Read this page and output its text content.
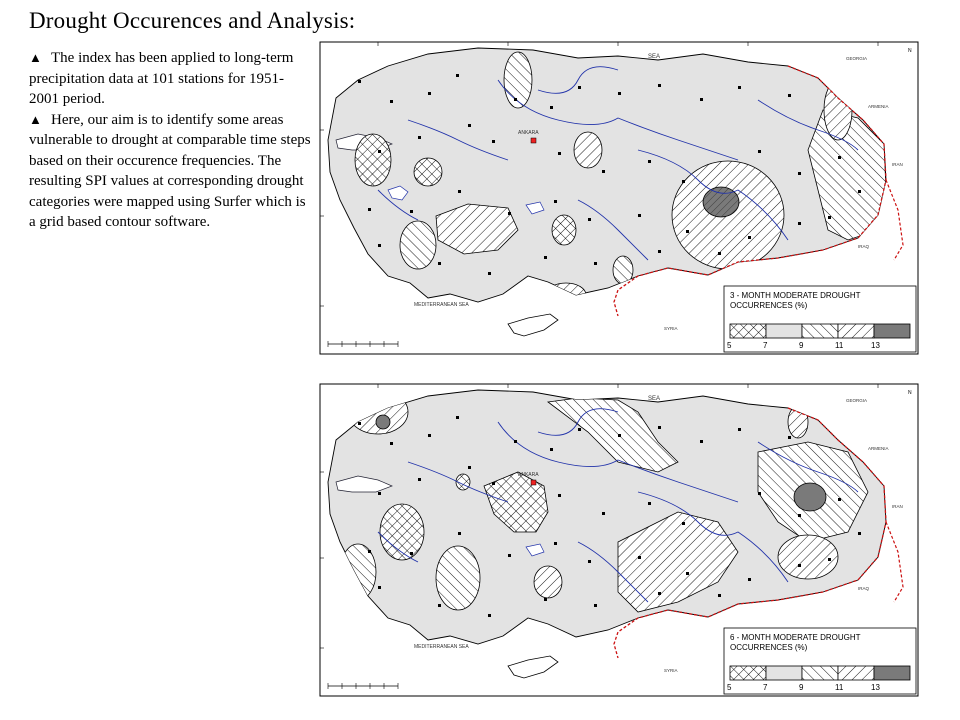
Drought Occurences and Analysis:

▲ The index has been applied to long-term precipitation data at 101 stations for 1951-2001 period.

▲ Here, our aim is to identify some areas vulnerable to drought at comparable time steps based on their occurence frequencies. The resulting SPI values at corresponding drought categories were mapped using Surfer which is a grid based contour software.

SEA
MEDITERRANEAN SEA
ANKARA
GEORGIA
ARMENIA
IRAN
IRAQ
SYRIA
3 - MONTH MODERATE DROUGHT
OCCURRENCES (%)
5	7	9	11	13
N
SEA
MEDITERRANEAN SEA
ANKARA
GEORGIA
ARMENIA
IRAN
IRAQ
SYRIA
6 - MONTH MODERATE DROUGHT
OCCURRENCES (%)
5	7	9	11	13
N
